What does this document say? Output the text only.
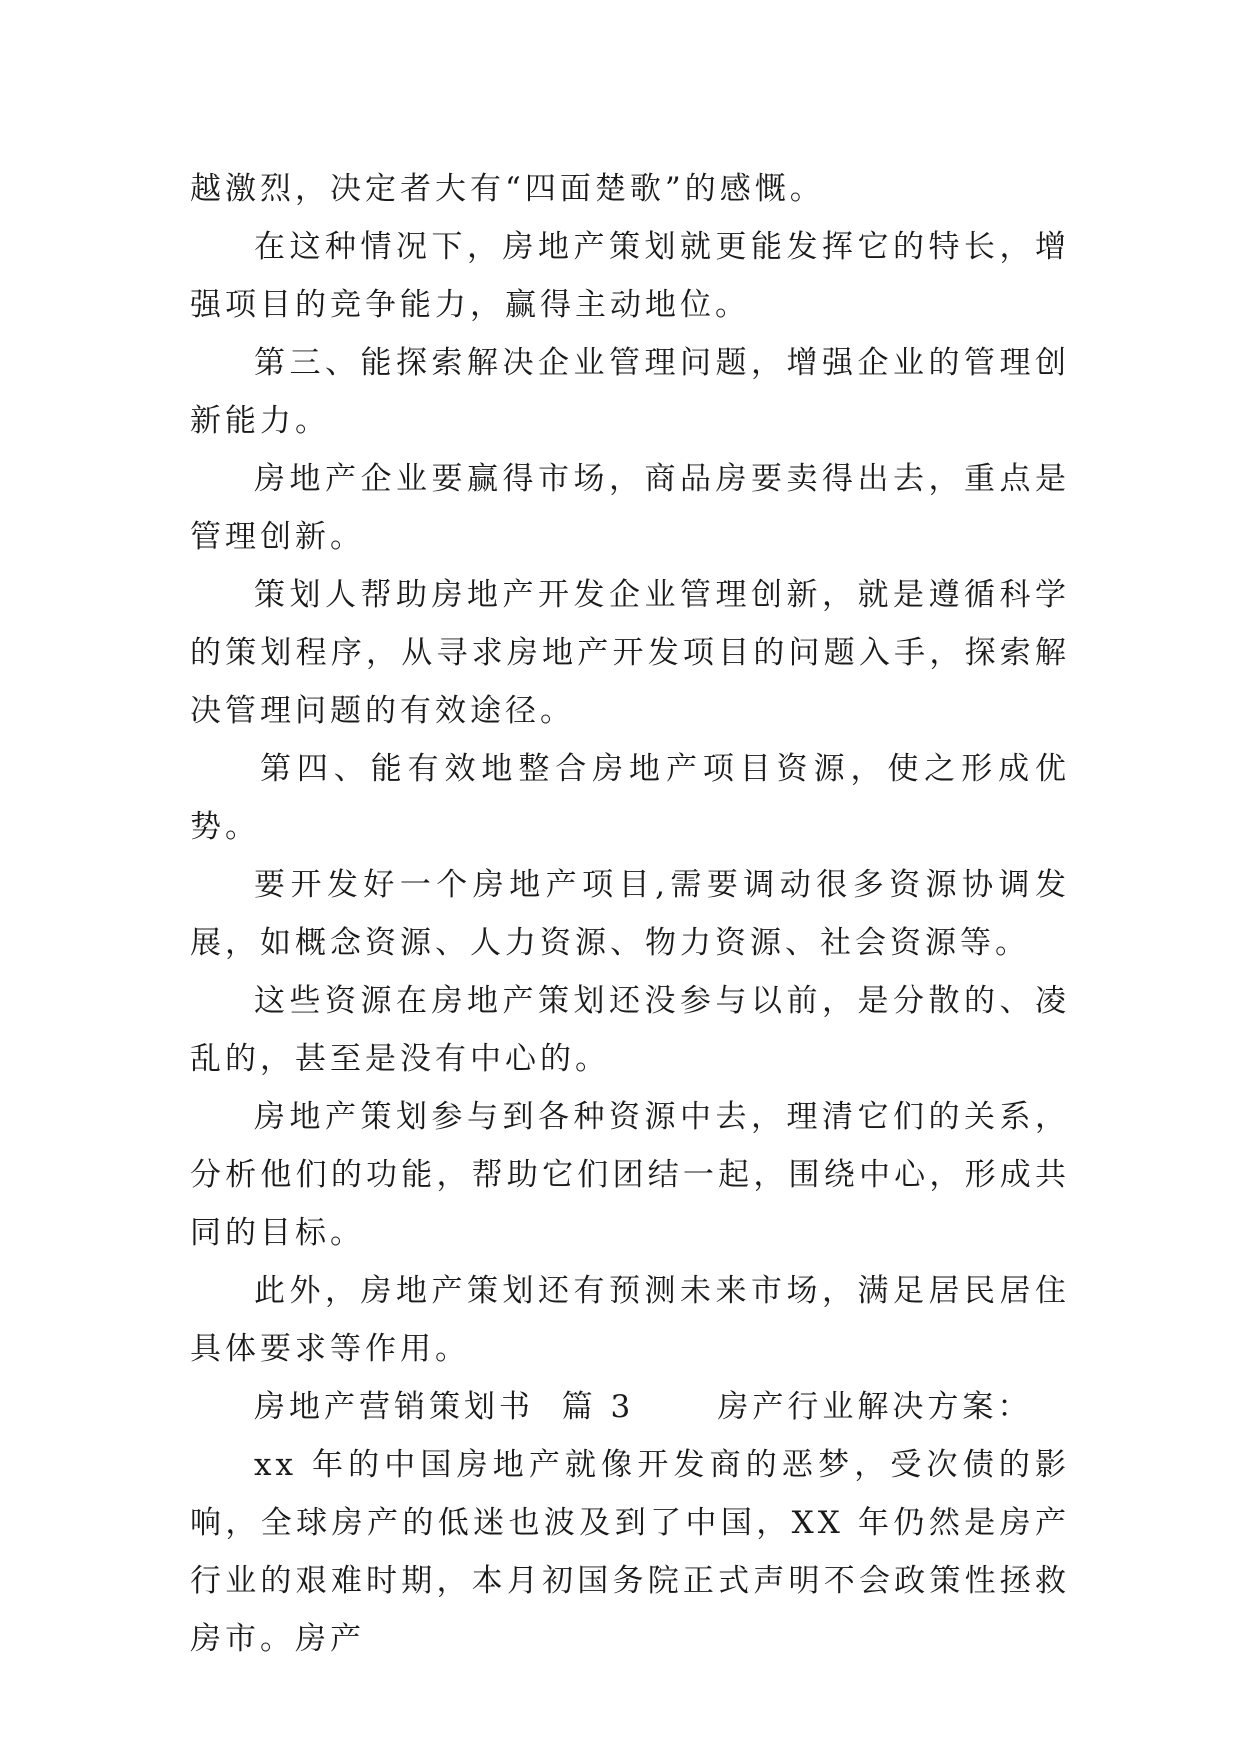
越激烈，决定者大有“四面楚歌”的感慨。

在这种情况下，房地产策划就更能发挥它的特长，增强项目的竞争能力，赢得主动地位。

第三、能探索解决企业管理问题，增强企业的管理创新能力。

房地产企业要赢得市场，商品房要卖得出去，重点是管理创新。

策划人帮助房地产开发企业管理创新，就是遵循科学的策划程序，从寻求房地产开发项目的问题入手，探索解决管理问题的有效途径。

第四、能有效地整合房地产项目资源，使之形成优势。

要开发好一个房地产项目,需要调动很多资源协调发展，如概念资源、人力资源、物力资源、社会资源等。

这些资源在房地产策划还没参与以前，是分散的、凌乱的，甚至是没有中心的。

房地产策划参与到各种资源中去，理清它们的关系，分析他们的功能，帮助它们团结一起，围绕中心，形成共同的目标。

此外，房地产策划还有预测未来市场，满足居民居住具体要求等作用。

房地产营销策划书  篇 3      房产行业解决方案：

xx 年的中国房地产就像开发商的恶梦，受次债的影响，全球房产的低迷也波及到了中国，XX 年仍然是房产行业的艰难时期，本月初国务院正式声明不会政策性拯救房市。房产
